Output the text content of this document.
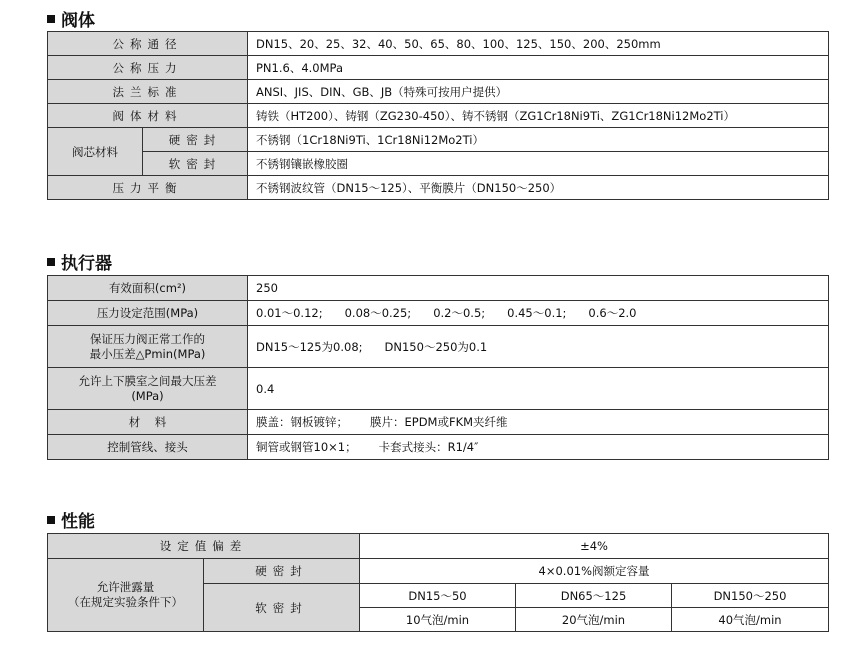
阀体
公称通径		DN15、20、25、32、40、50、65、80、100、125、150、200、250mm
公称压力		PN1.6、4.0MPa
法兰标准		ANSI、JIS、DIN、GB、JB（特殊可按用户提供）
阀体材料		铸铁（HT200）、铸钢（ZG230-450）、铸不锈钢（ZG1Cr18Ni9Ti、ZG1Cr18Ni12Mo2Ti）
阀芯材料	硬密封	不锈钢（1Cr18Ni9Ti、1Cr18Ni12Mo2Ti）
	软密封	不锈钢镶嵌橡胶圈
压力平衡		不锈钢波纹管（DN15～125）、平衡膜片（DN150～250）
执行器
有效面积(cm²)	250
压力设定范围(MPa)	0.01～0.12; 0.08～0.25; 0.2～0.5; 0.45～0.1; 0.6～2.0

保证压力阀正常工作的
最小压差△Pmin(MPa)	DN15～125为0.08; DN150～250为0.1

允许上下膜室之间最大压差
(MPa)	0.4
材    料	膜盖：钢板镀锌； 膜片：EPDM或FKM夹纤维
控制管线、接头	铜管或钢管10×1； 卡套式接头：R1/4″
性能
设定值偏差		±4%		

允许泄露量
（在规定实验条件下）	硬密封	4×0.01%阀额定容量		
	软密封	DN15～50	DN65～125	DN150～250
		10气泡/min	20气泡/min	40气泡/min
